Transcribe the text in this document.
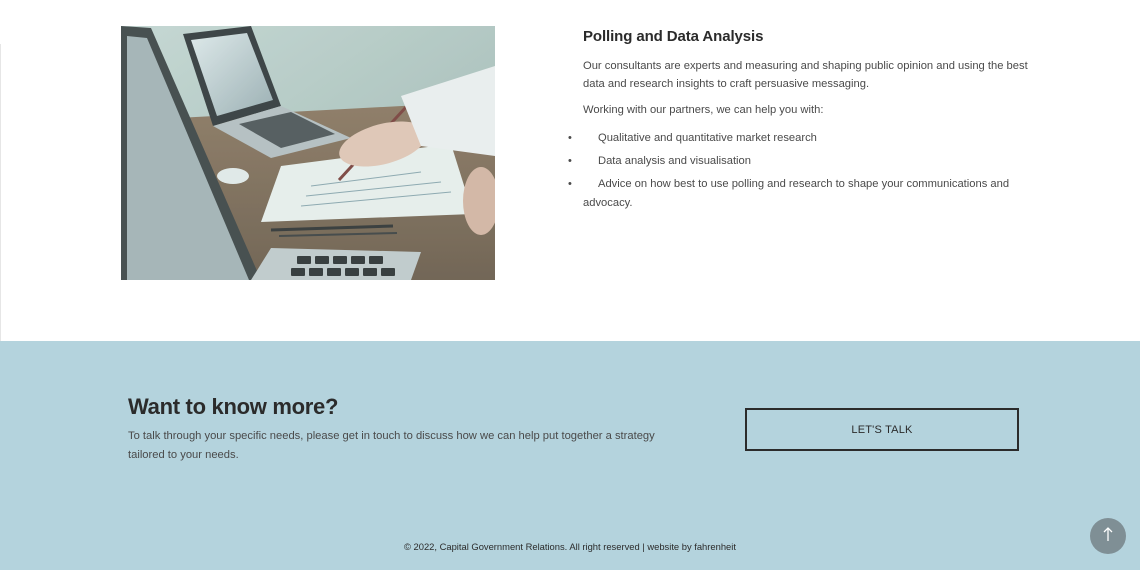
Polling and Data Analysis

Our consultants are experts and measuring and shaping public opinion and using the best data and research insights to craft persuasive messaging.

Working with our partners, we can help you with:

• Qualitative and quantitative market research
• Data analysis and visualisation
• Advice on how best to use polling and research to shape your communications and advocacy.
Want to know more?

To talk through your specific needs, please get in touch to discuss how we can help put together a strategy tailored to your needs.

LET'S TALK
© 2022, Capital Government Relations. All right reserved | website by fahrenheit
